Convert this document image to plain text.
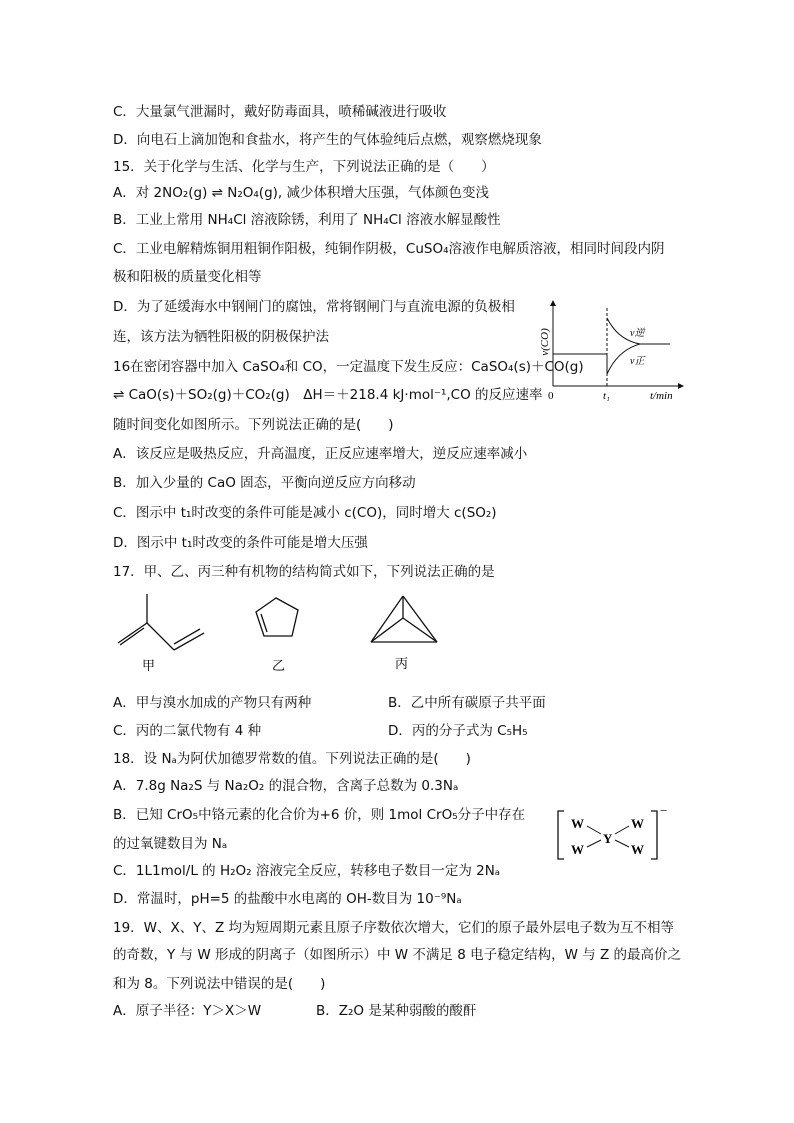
C．大量氯气泄漏时，戴好防毒面具，喷稀碱液进行吸收
D．向电石上滴加饱和食盐水，将产生的气体验纯后点燃，观察燃烧现象
15．关于化学与生活、化学与生产，下列说法正确的是（　　）
A．对 2NO₂(g) ⇌ N₂O₄(g), 减少体积增大压强，气体颜色变浅
B．工业上常用 NH₄Cl 溶液除锈，利用了 NH₄Cl 溶液水解显酸性
C．工业电解精炼铜用粗铜作阳极，纯铜作阴极，CuSO₄溶液作电解质溶液，相同时间段内阴
极和阳极的质量变化相等
D．为了延缓海水中钢闸门的腐蚀，常将钢闸门与直流电源的负极相
连，该方法为牺牲阳极的阴极保护法
16在密闭容器中加入 CaSO₄和 CO，一定温度下发生反应：CaSO₄(s)＋CO(g)
⇌ CaO(s)＋SO₂(g)＋CO₂(g)　ΔH＝＋218.4 kJ·mol⁻¹,CO 的反应速率
随时间变化如图所示。下列说法正确的是(　　)
v(CO)	v逆
v正
0	t₁	t/min
A．该反应是吸热反应，升高温度，正反应速率增大，逆反应速率减小
B．加入少量的 CaO 固态，平衡向逆反应方向移动
C．图示中 t₁时改变的条件可能是减小 c(CO)，同时增大 c(SO₂)
D．图示中 t₁时改变的条件可能是增大压强
17．甲、乙、丙三种有机物的结构简式如下，下列说法正确的是
甲	乙	丙
A．甲与溴水加成的产物只有两种	B．乙中所有碳原子共平面
C．丙的二氯代物有 4 种	D．丙的分子式为 C₅H₅
18．设 Nₐ为阿伏加德罗常数的值。下列说法正确的是(　　)
A．7.8g Na₂S 与 Na₂O₂ 的混合物，含离子总数为 0.3Nₐ
B．已知 CrO₅中铬元素的化合价为+6 价，则 1mol CrO₅分子中存在
的过氧键数目为 Nₐ
W
W
Y
W
W
−
C．1L1mol/L 的 H₂O₂ 溶液完全反应，转移电子数目一定为 2Nₐ
D．常温时，pH=5 的盐酸中水电离的 OH-数目为 10⁻⁹Nₐ
19．W、X、Y、Z 均为短周期元素且原子序数依次增大，它们的原子最外层电子数为互不相等
的奇数，Y 与 W 形成的阴离子（如图所示）中 W 不满足 8 电子稳定结构，W 与 Z 的最高价之
和为 8。下列说法中错误的是(　　)
A．原子半径：Y＞X＞W	B．Z₂O 是某种弱酸的酸酐
